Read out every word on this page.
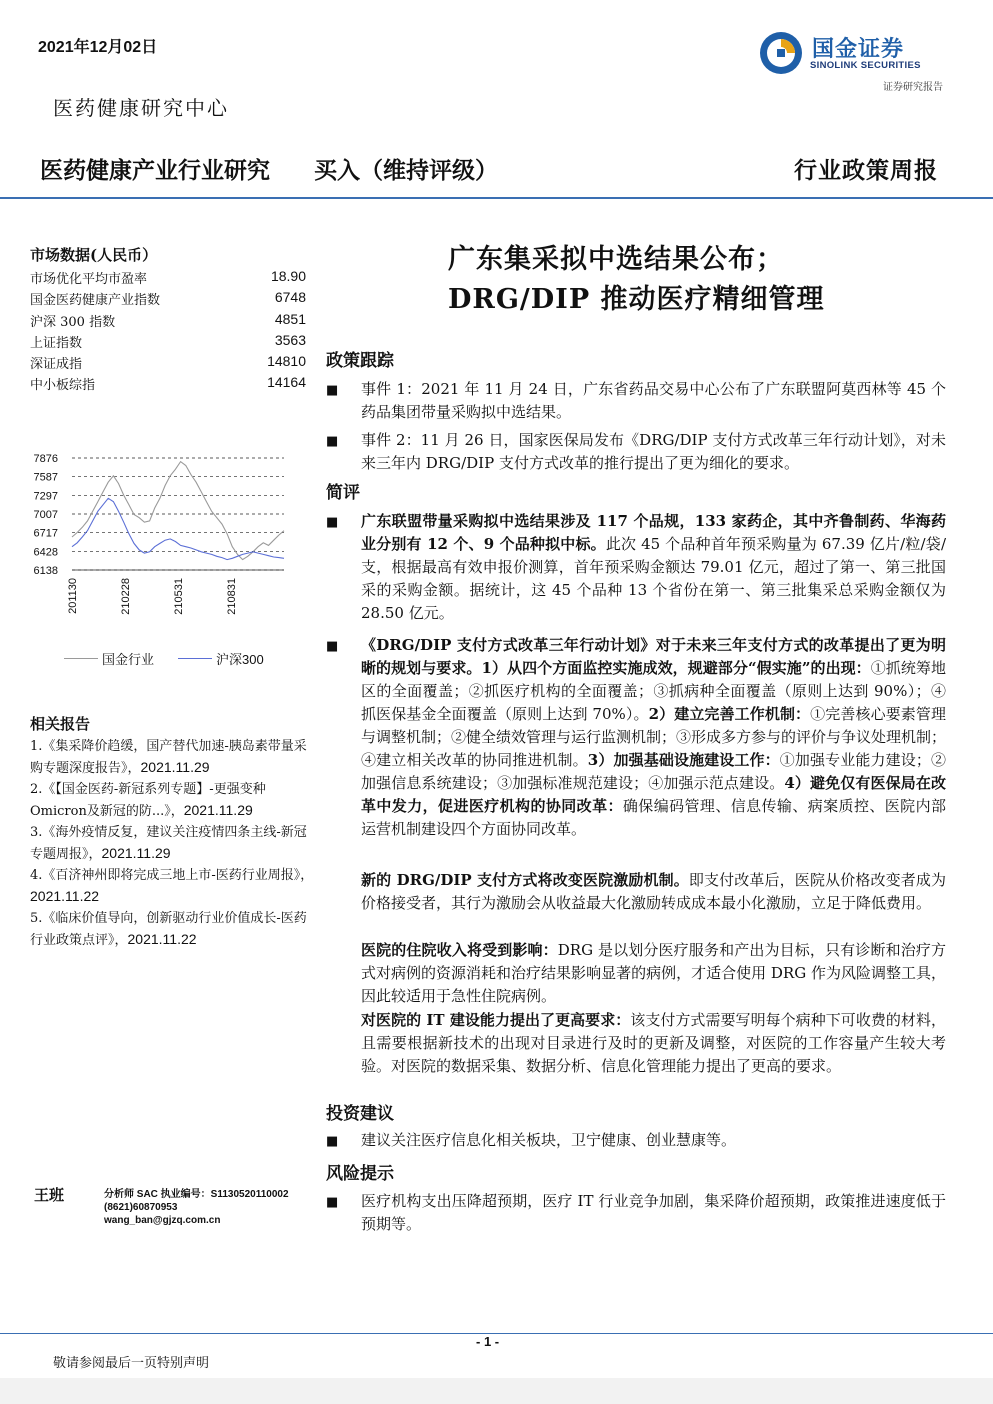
2021年12月02日
医药健康研究中心
国金证券
SINOLINK SECURITIES
证券研究报告
医药健康产业行业研究 买入（维持评级）	行业政策周报
市场数据(人民币）
市场优化平均市盈率	18.90
国金医药健康产业指数	6748
沪深 300 指数	4851
上证指数	3563
深证成指	14810
中小板综指	14164
7876
7587
7297
7007
6717
6428
6138
201130	210228	210531	210831
国金行业	沪深300
相关报告

1.《集采降价趋缓，国产替代加速-胰岛素带量采购专题深度报告》，2021.11.29

2.《【国金医药-新冠系列专题】-更强变种Omicron及新冠的防...》，2021.11.29

3.《海外疫情反复，建议关注疫情四条主线-新冠专题周报》，2021.11.29

4.《百济神州即将完成三地上市-医药行业周报》，2021.11.22

5.《临床价值导向，创新驱动行业价值成长-医药行业政策点评》，2021.11.22

王班	分析师 SAC 执业编号：S1130520110002
(8621)60870953
wang_ban@gjzq.com.cn
广东集采拟中选结果公布；
DRG/DIP 推动医疗精细管理
政策跟踪
■ 事件 1：2021 年 11 月 24 日，广东省药品交易中心公布了广东联盟阿莫西林等 45 个药品集团带量采购拟中选结果。
■ 事件 2：11 月 26 日，国家医保局发布《DRG/DIP 支付方式改革三年行动计划》，对未来三年内 DRG/DIP 支付方式改革的推行提出了更为细化的要求。
简评
■ 广东联盟带量采购拟中选结果涉及 117 个品规，133 家药企，其中齐鲁制药、华海药业分别有 12 个、9 个品种拟中标。此次 45 个品种首年预采购量为 67.39 亿片/粒/袋/支，根据最高有效申报价测算，首年预采购金额达 79.01 亿元，超过了第一、第三批国采的采购金额。据统计，这 45 个品种 13 个省份在第一、第三批集采总采购金额仅为 28.50 亿元。
■ 《DRG/DIP 支付方式改革三年行动计划》对于未来三年支付方式的改革提出了更为明晰的规划与要求。1）从四个方面监控实施成效，规避部分“假实施”的出现：①抓统筹地区的全面覆盖；②抓医疗机构的全面覆盖；③抓病种全面覆盖（原则上达到 90%）；④抓医保基金全面覆盖（原则上达到 70%）。2）建立完善工作机制：①完善核心要素管理与调整机制；②健全绩效管理与运行监测机制；③形成多方参与的评价与争议处理机制；④建立相关改革的协同推进机制。3）加强基础设施建设工作：①加强专业能力建设；②加强信息系统建设；③加强标准规范建设；④加强示范点建设。4）避免仅有医保局在改革中发力，促进医疗机构的协同改革：确保编码管理、信息传输、病案质控、医院内部运营机制建设四个方面协同改革。
新的 DRG/DIP 支付方式将改变医院激励机制。即支付改革后，医院从价格改变者成为价格接受者，其行为激励会从收益最大化激励转成成本最小化激励，立足于降低费用。
医院的住院收入将受到影响：DRG 是以划分医疗服务和产出为目标，只有诊断和治疗方式对病例的资源消耗和治疗结果影响显著的病例，才适合使用 DRG 作为风险调整工具，因此较适用于急性住院病例。
对医院的 IT 建设能力提出了更高要求：该支付方式需要写明每个病种下可收费的材料，且需要根据新技术的出现对目录进行及时的更新及调整，对医院的工作容量产生较大考验。对医院的数据采集、数据分析、信息化管理能力提出了更高的要求。
投资建议
■ 建议关注医疗信息化相关板块，卫宁健康、创业慧康等。
风险提示
■ 医疗机构支出压降超预期，医疗 IT 行业竞争加剧，集采降价超预期，政策推进速度低于预期等。
- 1 -
敬请参阅最后一页特别声明
